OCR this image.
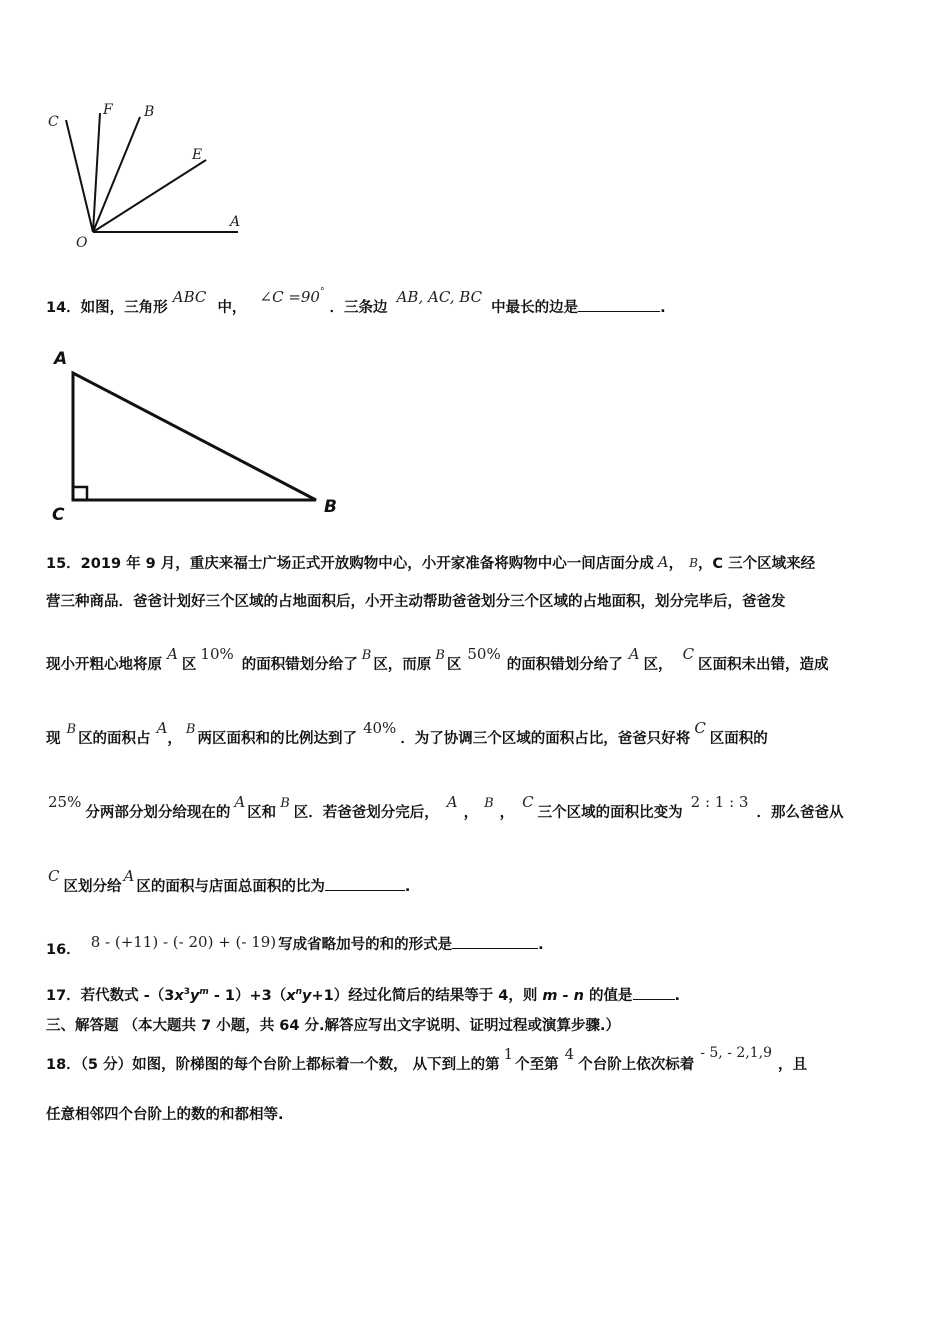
C
F B
E
A
O
14．如图，三角形 ABC 中， ∠C =90° ．三条边 AB, AC, BC 中最长的边是	.
A
C	B
15．2019 年 9 月，重庆来福士广场正式开放购物中心，小开家准备将购物中心一间店面分成 A， B，C 三个区域来经
营三种商品．爸爸计划好三个区域的占地面积后，小开主动帮助爸爸划分三个区域的占地面积，划分完毕后，爸爸发
现小开粗心地将原 A区10%的面积错划分给了B区，而原B区50%的面积错划分给了A区，C区面积未出错，造成
现B区的面积占A，B两区面积和的比例达到了40%．为了协调三个区域的面积占比，爸爸只好将C区面积的
25%分两部分划分给现在的A区和B区．若爸爸划分完后，A，B，C三个区域的面积比变为2 : 1 : 3．那么爸爸从
C区划分给A区的面积与店面总面积的比为	.
16． 8 - (+11) - (- 20) + (- 19) 写成省略加号的和的形式是	.
17．若代数式 $-(3x^3y^m - 1)+3(x^ny+1)$经过化简后的结果等于 4，则 m - n 的值是	.
三、解答题 （本大题共 7 小题，共 64 分.解答应写出文字说明、证明过程或演算步骤.）
18．（5 分）如图，阶梯图的每个台阶上都标着一个数， 从下到上的第1个至第4个台阶上依次标着- 5, - 2,1,9，且
任意相邻四个台阶上的数的和都相等.
